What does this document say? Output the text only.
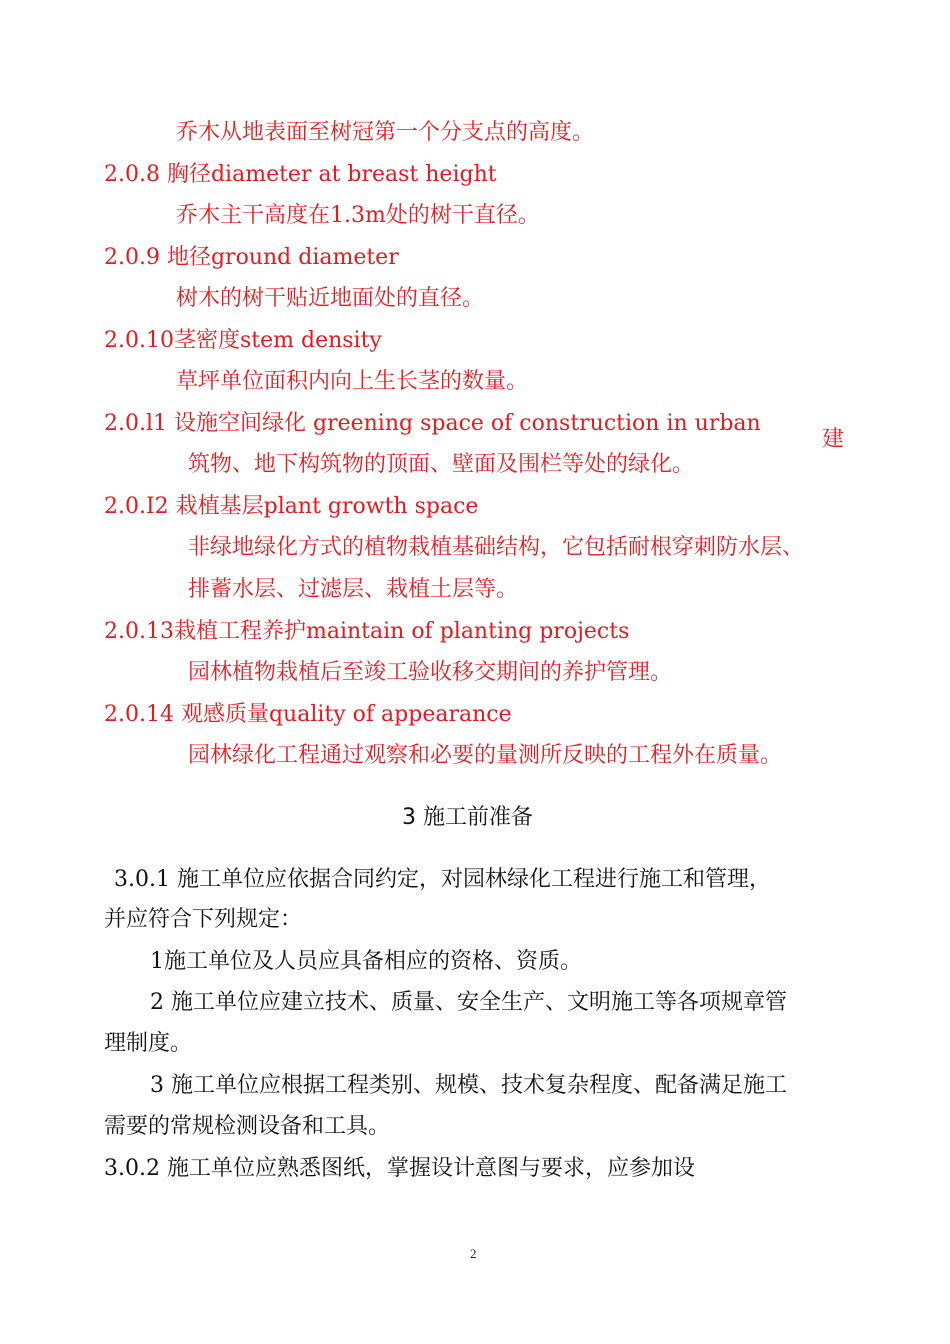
乔木从地表面至树冠第一个分支点的高度。
2.0.8 胸径diameter at breast height
乔木主干高度在1.3m处的树干直径。
2.0.9 地径ground diameter
树木的树干贴近地面处的直径。
2.0.10茎密度stem density
草坪单位面积内向上生长茎的数量。
2.0.l1 设施空间绿化 greening space of construction in urban
建
筑物、地下构筑物的顶面、壁面及围栏等处的绿化。
2.0.I2 栽植基层plant growth space
非绿地绿化方式的植物栽植基础结构，它包括耐根穿刺防水层、
排蓄水层、过滤层、栽植土层等。
2.0.13栽植工程养护maintain of planting projects
园林植物栽植后至竣工验收移交期间的养护管理。
2.0.14 观感质量quality of appearance
园林绿化工程通过观察和必要的量测所反映的工程外在质量。
3 施工前准备
3.0.1 施工单位应依据合同约定，对园林绿化工程进行施工和管理，
并应符合下列规定：
1施工单位及人员应具备相应的资格、资质。
2 施工单位应建立技术、质量、安全生产、文明施工等各项规章管
理制度。
3 施工单位应根据工程类别、规模、技术复杂程度、配备满足施工
需要的常规检测设备和工具。
3.0.2 施工单位应熟悉图纸，掌握设计意图与要求，应参加设
2
